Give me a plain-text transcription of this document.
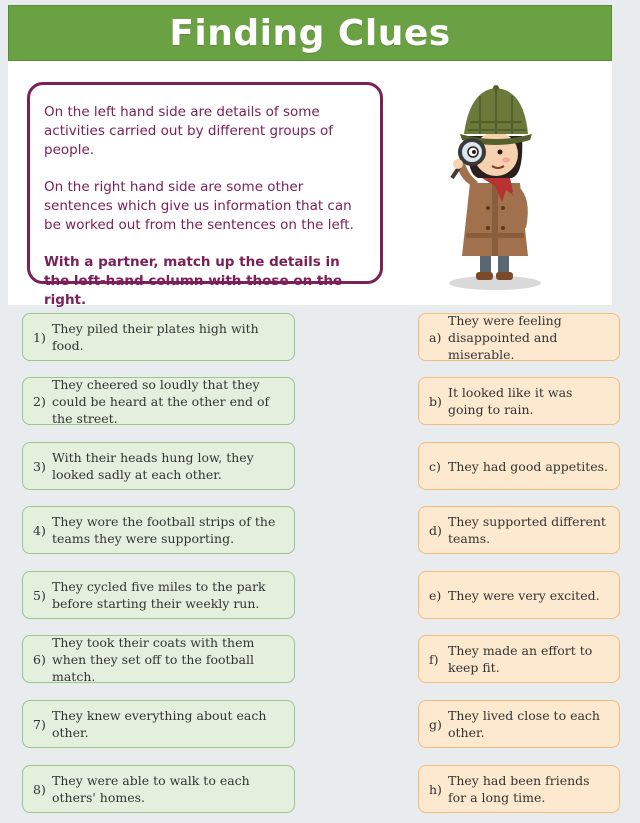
Finding Clues

On the left hand side are details of some activities carried out by different groups of people.

On the right hand side are some other sentences which give us information that can be worked out from the sentences on the left.

With a partner, match up the details in the left-hand column with those on the right.

1)
They piled their plates high with food.
2)
They cheered so loudly that they could be heard at the other end of the street.
3)
With their heads hung low, they looked sadly at each other.
4)
They wore the football strips of the teams they were supporting.
5)
They cycled five miles to the park before starting their weekly run.
6)
They took their coats with them when they set off to the football match.
7)
They knew everything about each other.
8)
They were able to walk to each others' homes.
a)
They were feeling disappointed and miserable.
b)
It looked like it was going to rain.
c) They had good appetites.
d)
They supported different teams.
e) They were very excited.
f)
They made an effort to keep fit.
g)
They lived close to each other.
h)
They had been friends for a long time.
